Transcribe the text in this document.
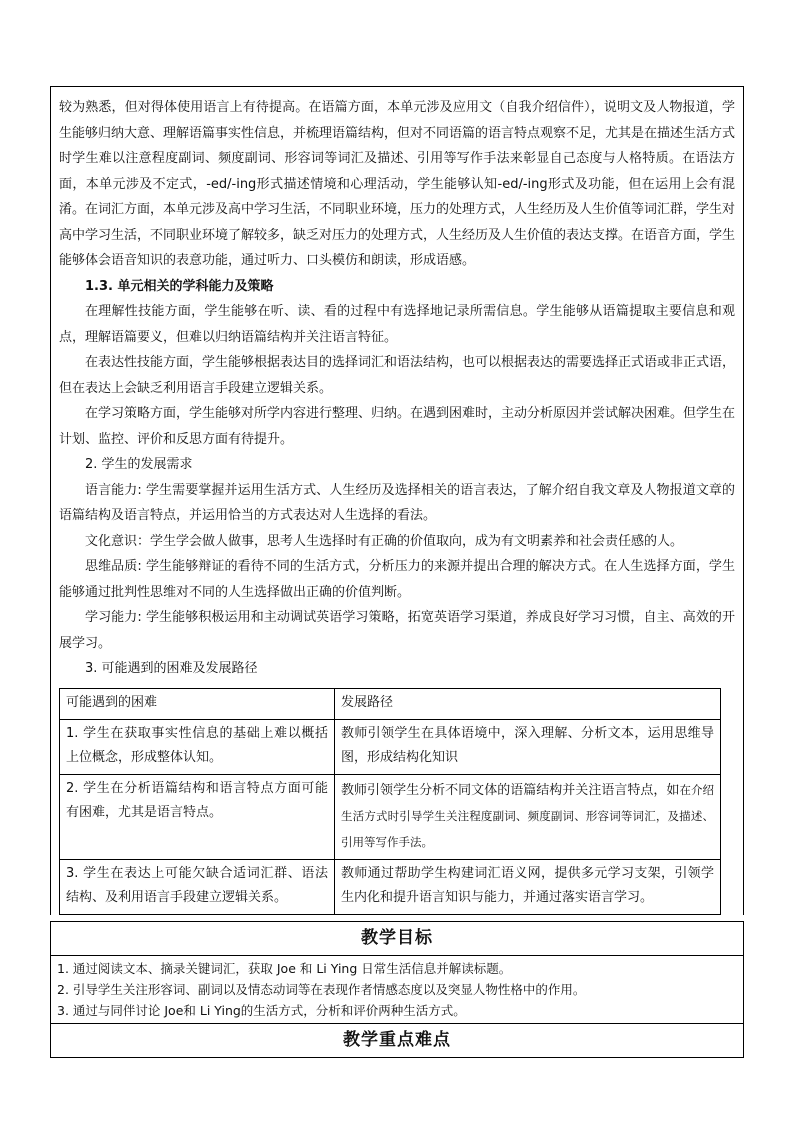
较为熟悉，但对得体使用语言上有待提高。在语篇方面，本单元涉及应用文（自我介绍信件），说明文及人物报道，学生能够归纳大意、理解语篇事实性信息，并梳理语篇结构，但对不同语篇的语言特点观察不足，尤其是在描述生活方式时学生难以注意程度副词、频度副词、形容词等词汇及描述、引用等写作手法来彰显自己态度与人格特质。在语法方面，本单元涉及不定式，-ed/-ing形式描述情境和心理活动，学生能够认知-ed/-ing形式及功能，但在运用上会有混淆。在词汇方面，本单元涉及高中学习生活，不同职业环境，压力的处理方式，人生经历及人生价值等词汇群，学生对高中学习生活，不同职业环境了解较多，缺乏对压力的处理方式，人生经历及人生价值的表达支撑。在语音方面，学生能够体会语音知识的表意功能，通过听力、口头模仿和朗读，形成语感。

1.3. 单元相关的学科能力及策略

在理解性技能方面，学生能够在听、读、看的过程中有选择地记录所需信息。学生能够从语篇提取主要信息和观点，理解语篇要义，但难以归纳语篇结构并关注语言特征。

在表达性技能方面，学生能够根据表达目的选择词汇和语法结构，也可以根据表达的需要选择正式语或非正式语，但在表达上会缺乏利用语言手段建立逻辑关系。

在学习策略方面，学生能够对所学内容进行整理、归纳。在遇到困难时，主动分析原因并尝试解决困难。但学生在计划、监控、评价和反思方面有待提升。

2. 学生的发展需求

语言能力: 学生需要掌握并运用生活方式、人生经历及选择相关的语言表达，了解介绍自我文章及人物报道文章的语篇结构及语言特点，并运用恰当的方式表达对人生选择的看法。

文化意识：学生学会做人做事，思考人生选择时有正确的价值取向，成为有文明素养和社会责任感的人。

思维品质: 学生能够辩证的看待不同的生活方式，分析压力的来源并提出合理的解决方式。在人生选择方面，学生能够通过批判性思维对不同的人生选择做出正确的价值判断。

学习能力: 学生能够积极运用和主动调试英语学习策略，拓宽英语学习渠道，养成良好学习习惯，自主、高效的开展学习。

3. 可能遇到的困难及发展路径

可能遇到的困难	发展路径
1. 学生在获取事实性信息的基础上难以概括上位概念，形成整体认知。	教师引领学生在具体语境中，深入理解、分析文本，运用思维导图，形成结构化知识
2. 学生在分析语篇结构和语言特点方面可能有困难，尤其是语言特点。	教师引领学生分析不同文体的语篇结构并关注语言特点，如在介绍生活方式时引导学生关注程度副词、频度副词、形容词等词汇，及描述、引用等写作手法。
3. 学生在表达上可能欠缺合适词汇群、语法结构、及利用语言手段建立逻辑关系。	教师通过帮助学生构建词汇语义网，提供多元学习支架，引领学生内化和提升语言知识与能力，并通过落实语言学习。
教学目标

1. 通过阅读文本、摘录关键词汇，获取 Joe 和 Li Ying 日常生活信息并解读标题。

2. 引导学生关注形容词、副词以及情态动词等在表现作者情感态度以及突显人物性格中的作用。

3. 通过与同伴讨论 Joe和 Li Ying的生活方式，分析和评价两种生活方式。

教学重点难点
